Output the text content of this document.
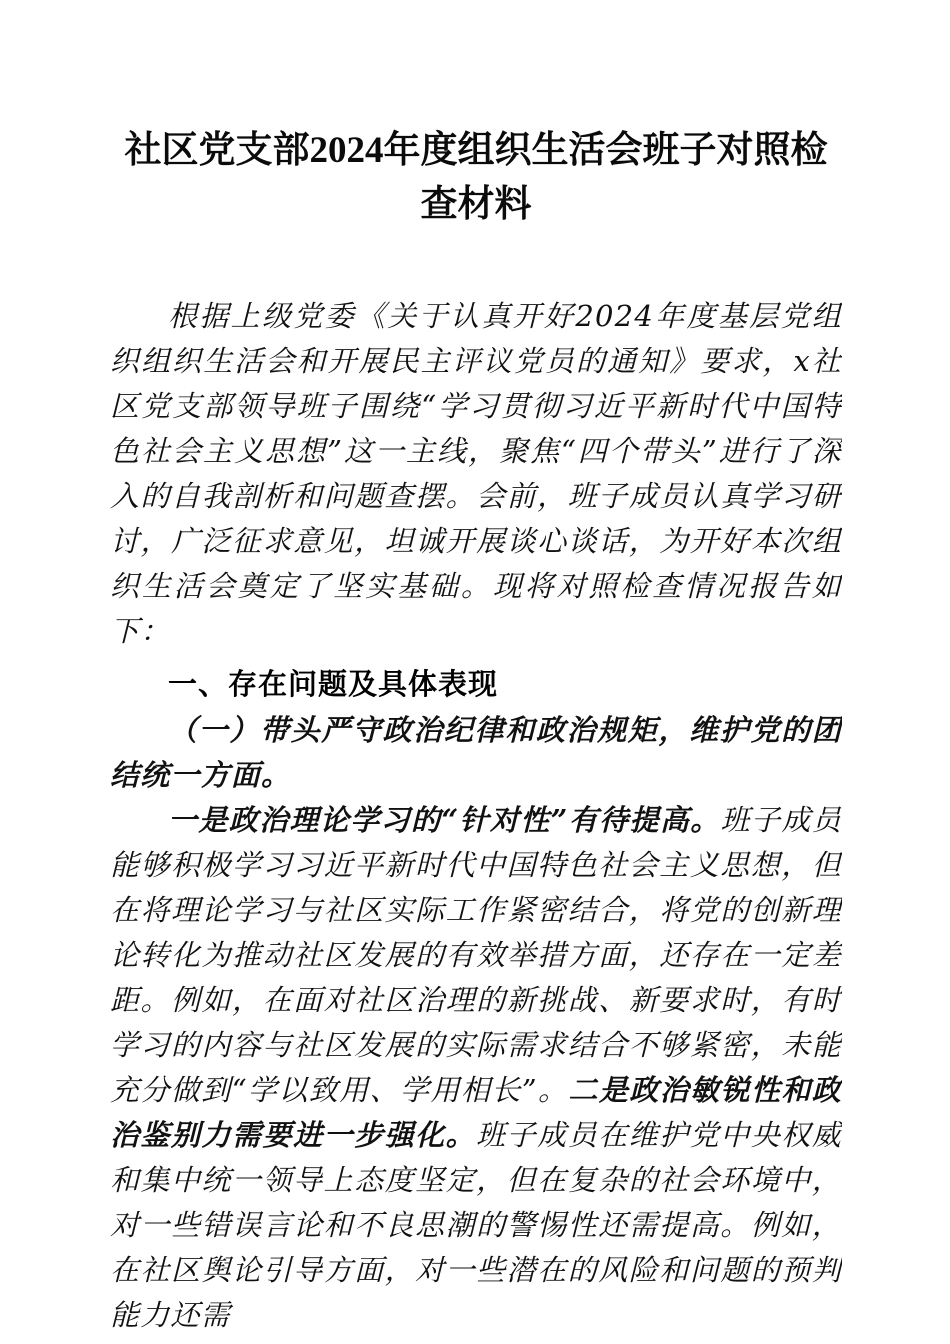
社区党支部2024年度组织生活会班子对照检
查材料

根据上级党委《关于认真开好2024年度基层党组织组织生活会和开展民主评议党员的通知》要求，x社区党支部领导班子围绕“学习贯彻习近平新时代中国特色社会主义思想”这一主线，聚焦“四个带头”进行了深入的自我剖析和问题查摆。会前，班子成员认真学习研讨，广泛征求意见，坦诚开展谈心谈话，为开好本次组织生活会奠定了坚实基础。现将对照检查情况报告如下：

一、存在问题及具体表现

（一）带头严守政治纪律和政治规矩，维护党的团结统一方面。

一是政治理论学习的“针对性”有待提高。班子成员能够积极学习习近平新时代中国特色社会主义思想，但在将理论学习与社区实际工作紧密结合，将党的创新理论转化为推动社区发展的有效举措方面，还存在一定差距。例如，在面对社区治理的新挑战、新要求时，有时学习的内容与社区发展的实际需求结合不够紧密，未能充分做到“学以致用、学用相长”。二是政治敏锐性和政治鉴别力需要进一步强化。班子成员在维护党中央权威和集中统一领导上态度坚定，但在复杂的社会环境中，对一些错误言论和不良思潮的警惕性还需提高。例如，在社区舆论引导方面，对一些潜在的风险和问题的预判能力还需
